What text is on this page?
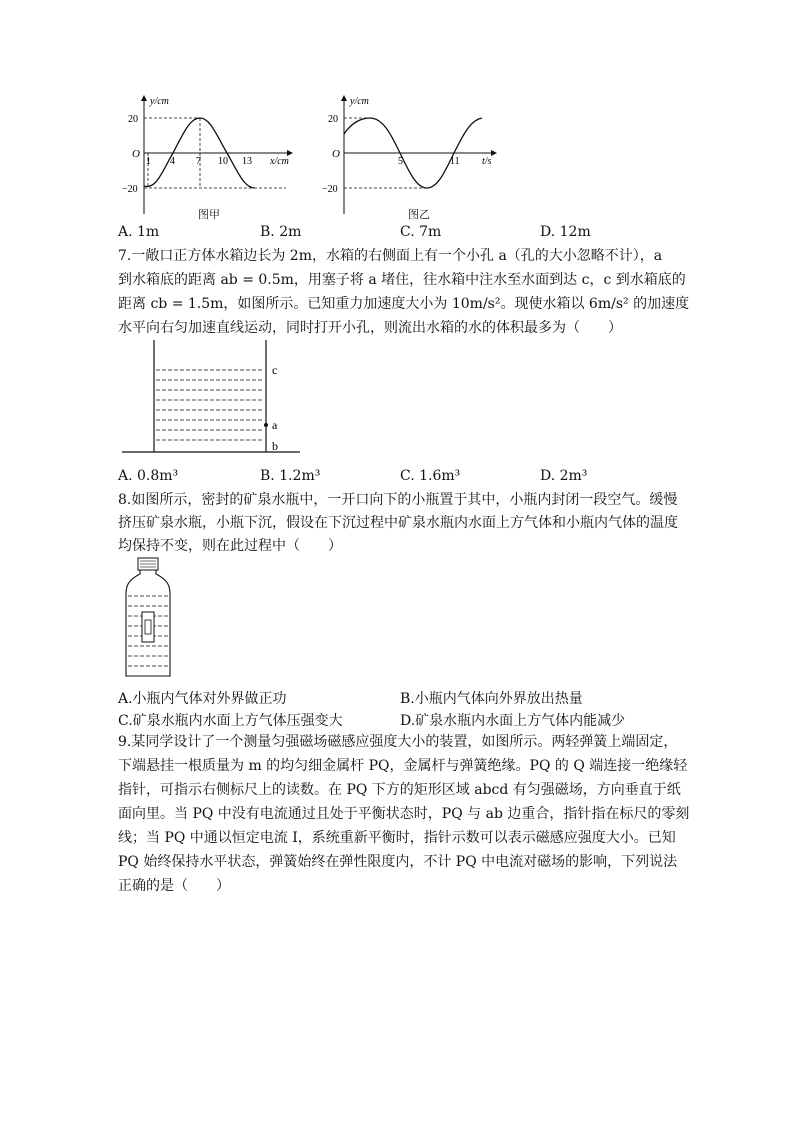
y/cm
x/cm
O
20
−20
1 4 7 10 13
图甲
y/cm
t/s
O
20
−20
5	11
图乙
A. 1m	B. 2m	C. 7m	D. 12m
7.一敞口正方体水箱边长为 2m，水箱的右侧面上有一个小孔 a（孔的大小忽略不计），a
到水箱底的距离 ab = 0.5m，用塞子将 a 堵住，往水箱中注水至水面到达 c，c 到水箱底的
距离 cb = 1.5m，如图所示。已知重力加速度大小为 10m/s²。现使水箱以 6m/s² 的加速度
水平向右匀加速直线运动，同时打开小孔，则流出水箱的水的体积最多为（　　）
c
a
b
A. 0.8m³	B. 1.2m³	C. 1.6m³	D. 2m³
8.如图所示，密封的矿泉水瓶中，一开口向下的小瓶置于其中，小瓶内封闭一段空气。缓慢
挤压矿泉水瓶，小瓶下沉，假设在下沉过程中矿泉水瓶内水面上方气体和小瓶内气体的温度
均保持不变，则在此过程中（　　）
A.小瓶内气体对外界做正功	B.小瓶内气体向外界放出热量
C.矿泉水瓶内水面上方气体压强变大	D.矿泉水瓶内水面上方气体内能减少
9.某同学设计了一个测量匀强磁场磁感应强度大小的装置，如图所示。两轻弹簧上端固定，
下端悬挂一根质量为 m 的均匀细金属杆 PQ，金属杆与弹簧绝缘。PQ 的 Q 端连接一绝缘轻
指针，可指示右侧标尺上的读数。在 PQ 下方的矩形区域 abcd 有匀强磁场，方向垂直于纸
面向里。当 PQ 中没有电流通过且处于平衡状态时，PQ 与 ab 边重合，指针指在标尺的零刻
线；当 PQ 中通以恒定电流 I，系统重新平衡时，指针示数可以表示磁感应强度大小。已知
PQ 始终保持水平状态，弹簧始终在弹性限度内，不计 PQ 中电流对磁场的影响，下列说法
正确的是（　　）
